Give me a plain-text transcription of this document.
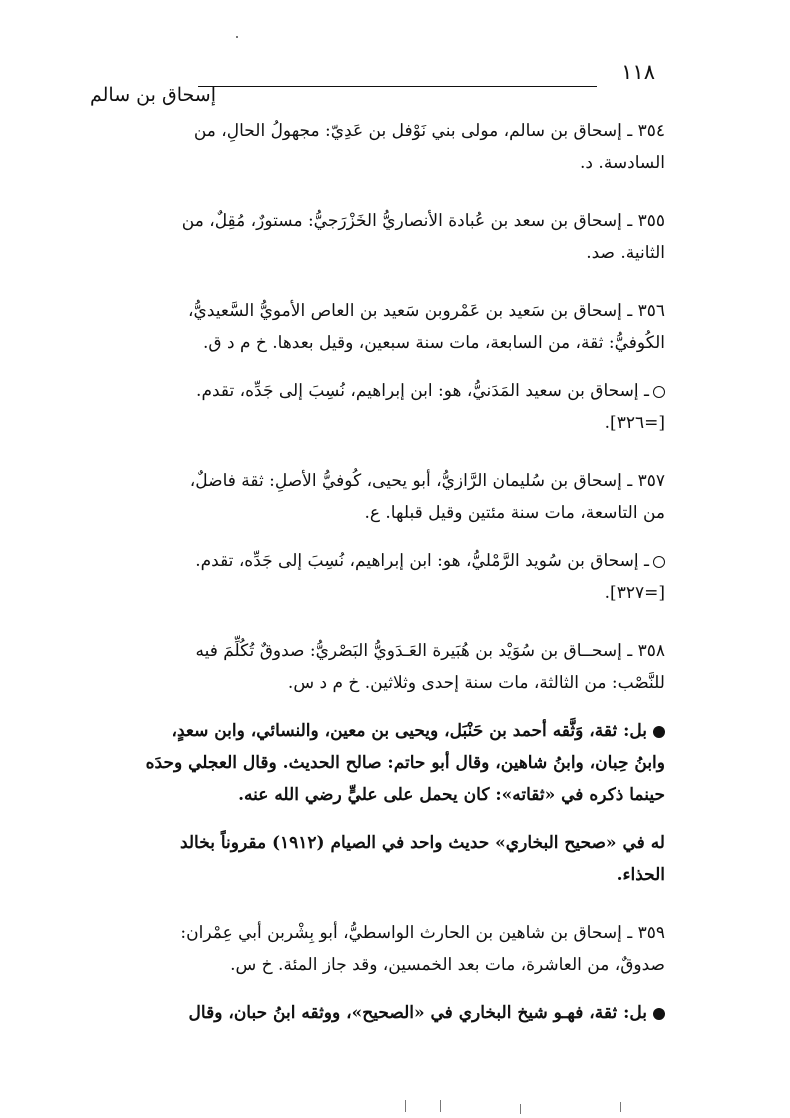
١١٨
إسحاق بن سالم

٣٥٤ ـ إسحاق بن سالم، مولى بني نَوْفل بن عَدِيّ: مجهولُ الحالِ، من
السادسة. د.

٣٥٥ ـ إسحاق بن سعد بن عُبادة الأنصاريُّ الخَزْرَجيُّ: مستورٌ، مُقِلٌ، من
الثانية. صد.

٣٥٦ ـ إسحاق بن سَعيد بن عَمْروبن سَعيد بن العاص الأمويُّ السَّعيديُّ،
الكُوفيُّ: ثقة، من السابعة، مات سنة سبعين، وقيل بعدها. خ م د ق.

ـ إسحاق بن سعيد المَدَنيُّ، هو: ابن إبراهيم، نُسِبَ إلى جَدِّه، تقدم.
[=٣٢٦].

٣٥٧ ـ إسحاق بن سُليمان الرَّازيُّ، أبو يحيى، كُوفيُّ الأصلِ: ثقة فاضلٌ،
من التاسعة، مات سنة مئتين وقيل قبلها. ع.

ـ إسحاق بن سُويد الرَّمْليُّ، هو: ابن إبراهيم، نُسِبَ إلى جَدِّه، تقدم.
[=٣٢٧].

٣٥٨ ـ إسحــاق بن سُوَيْد بن هُبَيرة العَـدَويُّ البَصْريُّ: صدوقٌ تُكُلِّمَ فيه
للنَّصْب: من الثالثة، مات سنة إحدى وثلاثين. خ م د س.

بل: ثقة، وَثَّقه أحمد بن حَنْبَل، ويحيى بن معين، والنسائي، وابن سعدٍ،
وابنُ حِبان، وابنُ شاهين، وقال أبو حاتم: صالح الحديث. وقال العجلي وحدَه
حينما ذكره في «ثقاته»: كان يحمل على عليٍّ رضي الله عنه.

له في «صحيح البخاري» حديث واحد في الصيام (١٩١٢) مقروناً بخالد
الحذاء.

٣٥٩ ـ إسحاق بن شاهين بن الحارث الواسطيُّ، أبو بِشْربن أبي عِمْران:
صدوقٌ، من العاشرة، مات بعد الخمسين، وقد جاز المئة. خ س.

بل: ثقة، فهـو شيخ البخاري في «الصحيح»، ووثقه ابنُ حبان، وقال
